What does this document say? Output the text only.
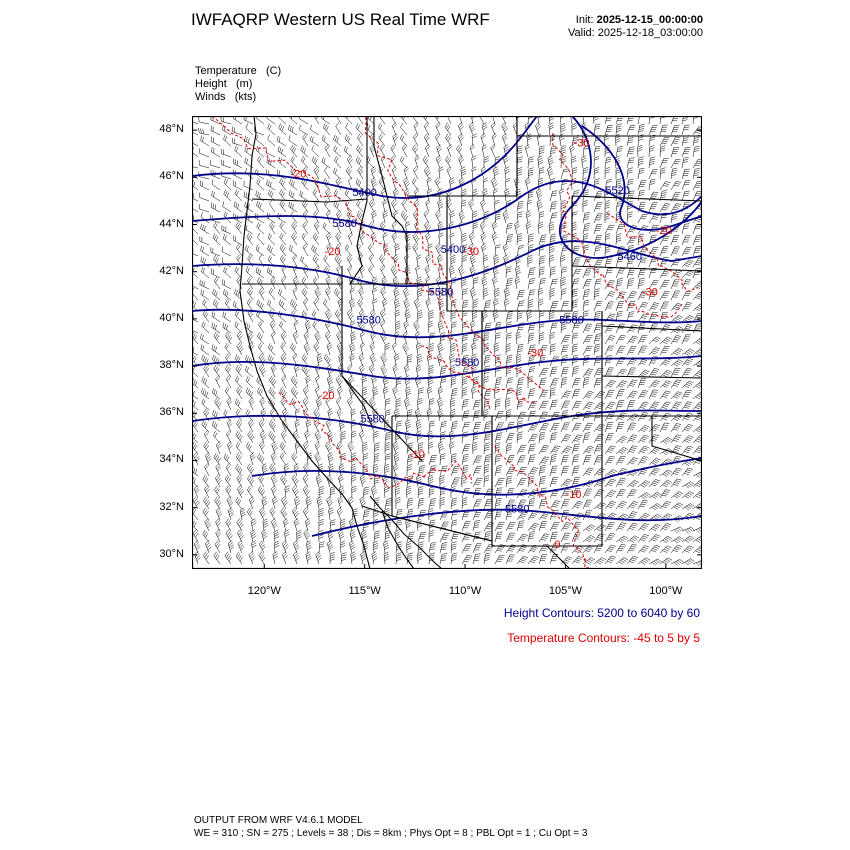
IWFAQRP Western US Real Time WRF	Init: 2025-12-15_00:00:00
Valid: 2025-12-18_03:00:00
Temperature (C)
Height (m)
Winds (kts)
5400
5580
5400
5580
5580
5580
5580
5580
5520
5460
5580
-30
-20
-30
-20
-20
-30
-20
-30
-10
-10
0
48°N
46°N
44°N
42°N
40°N
38°N
36°N
34°N
32°N
30°N
120°W	115°W	110°W	105°W	100°W
Height Contours: 5200 to 6040 by 60
Temperature Contours: -45 to 5 by 5
OUTPUT FROM WRF V4.6.1 MODEL
WE = 310 ; SN = 275 ; Levels = 38 ; Dis = 8km ; Phys Opt = 8 ; PBL Opt = 1 ; Cu Opt = 3
